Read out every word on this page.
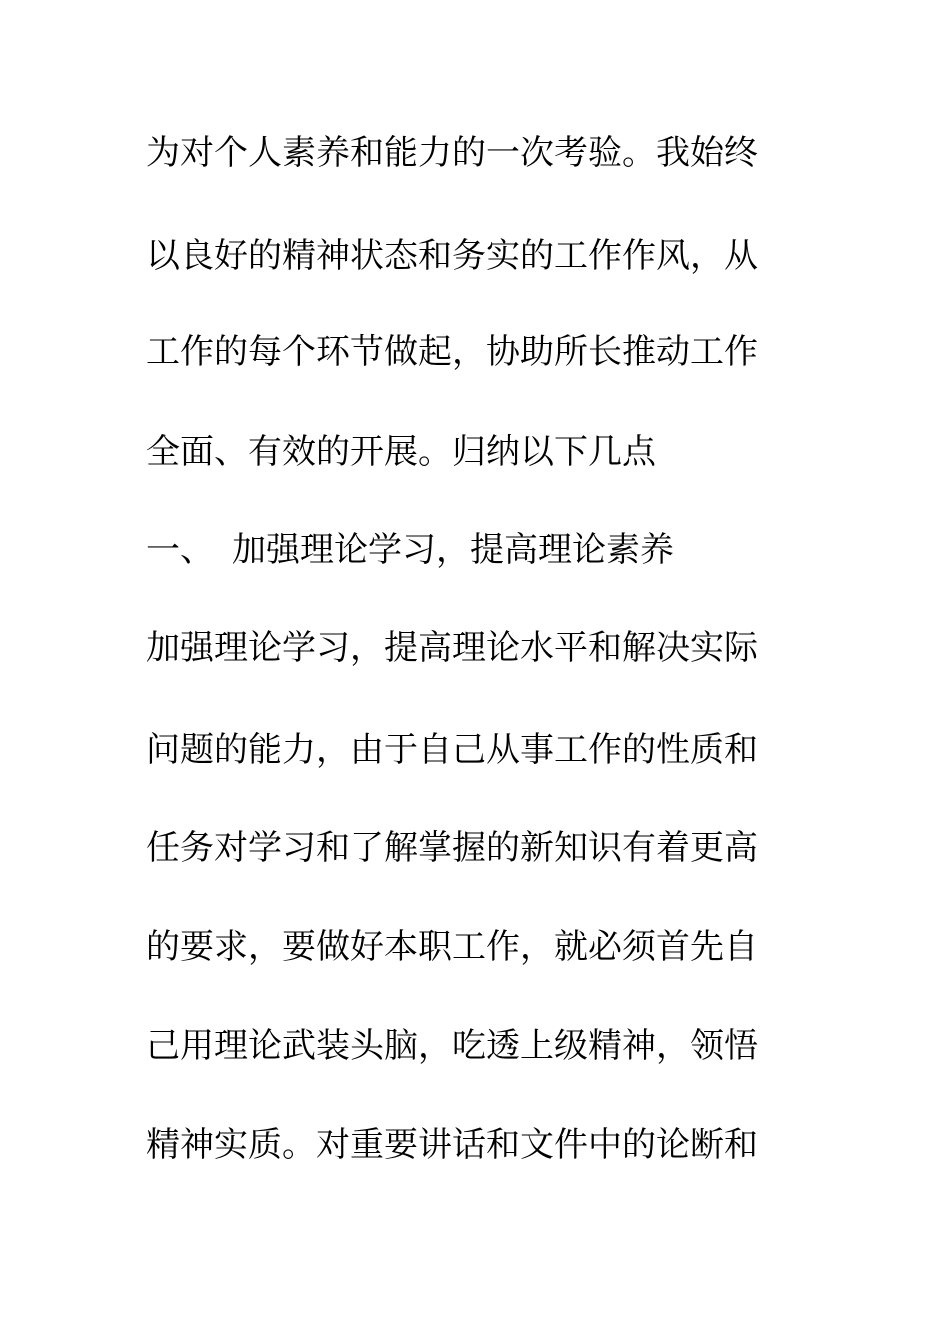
为对个人素养和能力的一次考验。我始终
以良好的精神状态和务实的工作作风，从
工作的每个环节做起，协助所长推动工作
全面、有效的开展。归纳以下几点
一、 加强理论学习，提高理论素养
加强理论学习，提高理论水平和解决实际
问题的能力，由于自己从事工作的性质和
任务对学习和了解掌握的新知识有着更高
的要求，要做好本职工作，就必须首先自
己用理论武装头脑，吃透上级精神，领悟
精神实质。对重要讲话和文件中的论断和
